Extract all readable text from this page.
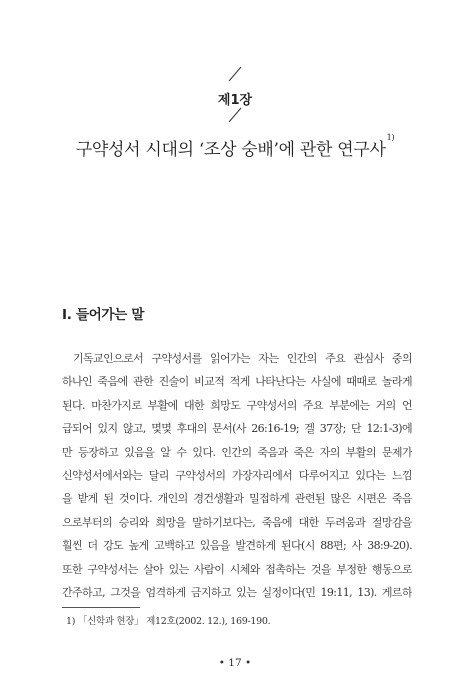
제1장
구약성서 시대의 ‘조상 숭배’에 관한 연구사$^{1)}$
I. 들어가는 말
기독교인으로서 구약성서를 읽어가는 자는 인간의 주요 관심사 중의
하나인 죽음에 관한 진술이 비교적 적게 나타난다는 사실에 때때로 놀라게
된다. 마찬가지로 부활에 대한 희망도 구약성서의 주요 부분에는 거의 언
급되어 있지 않고, 몇몇 후대의 문서(사 26:16-19; 겔 37장; 단 12:1-3)에
만 등장하고 있음을 알 수 있다. 인간의 죽음과 죽은 자의 부활의 문제가
신약성서에서와는 달리 구약성서의 가장자리에서 다루어지고 있다는 느낌
을 받게 된 것이다. 개인의 경건생활과 밀접하게 관련된 많은 시편은 죽음
으로부터의 승리와 희망을 말하기보다는, 죽음에 대한 두려움과 절망감을
훨씬 더 강도 높게 고백하고 있음을 발견하게 된다(시 88편; 사 38:9-20).
또한 구약성서는 살아 있는 사람이 시체와 접촉하는 것을 부정한 행동으로
간주하고, 그것을 엄격하게 금지하고 있는 실정이다(민 19:11, 13). 게르하
1) 「신학과 현장」 제12호(2002. 12.), 169-190.
• 17 •
